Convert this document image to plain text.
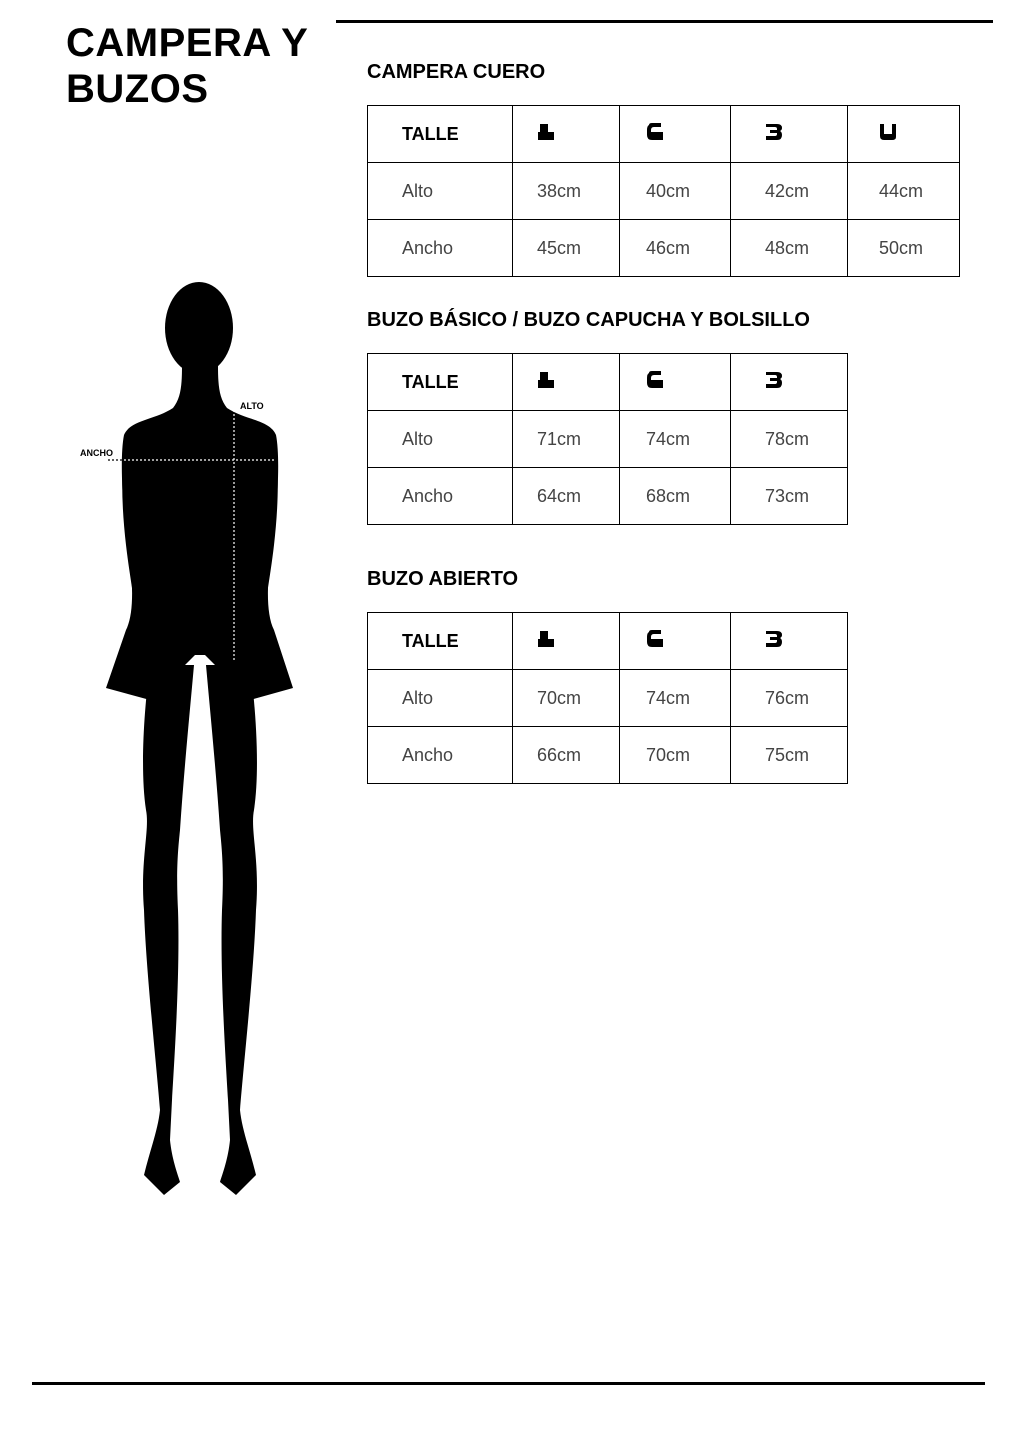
CAMPERA Y
BUZOS	CAMPERA CUERO
TALLE	

Alto	38cm	40cm	42cm	44cm
Ancho	45cm	46cm	48cm	50cm
BUZO BÁSICO / BUZO CAPUCHA Y BOLSILLO
TALLE	

Alto	71cm	74cm	78cm
Ancho	64cm	68cm	73cm
BUZO ABIERTO
TALLE	

Alto	70cm	74cm	76cm
Ancho	66cm	70cm	75cm
ALTO
ANCHO
